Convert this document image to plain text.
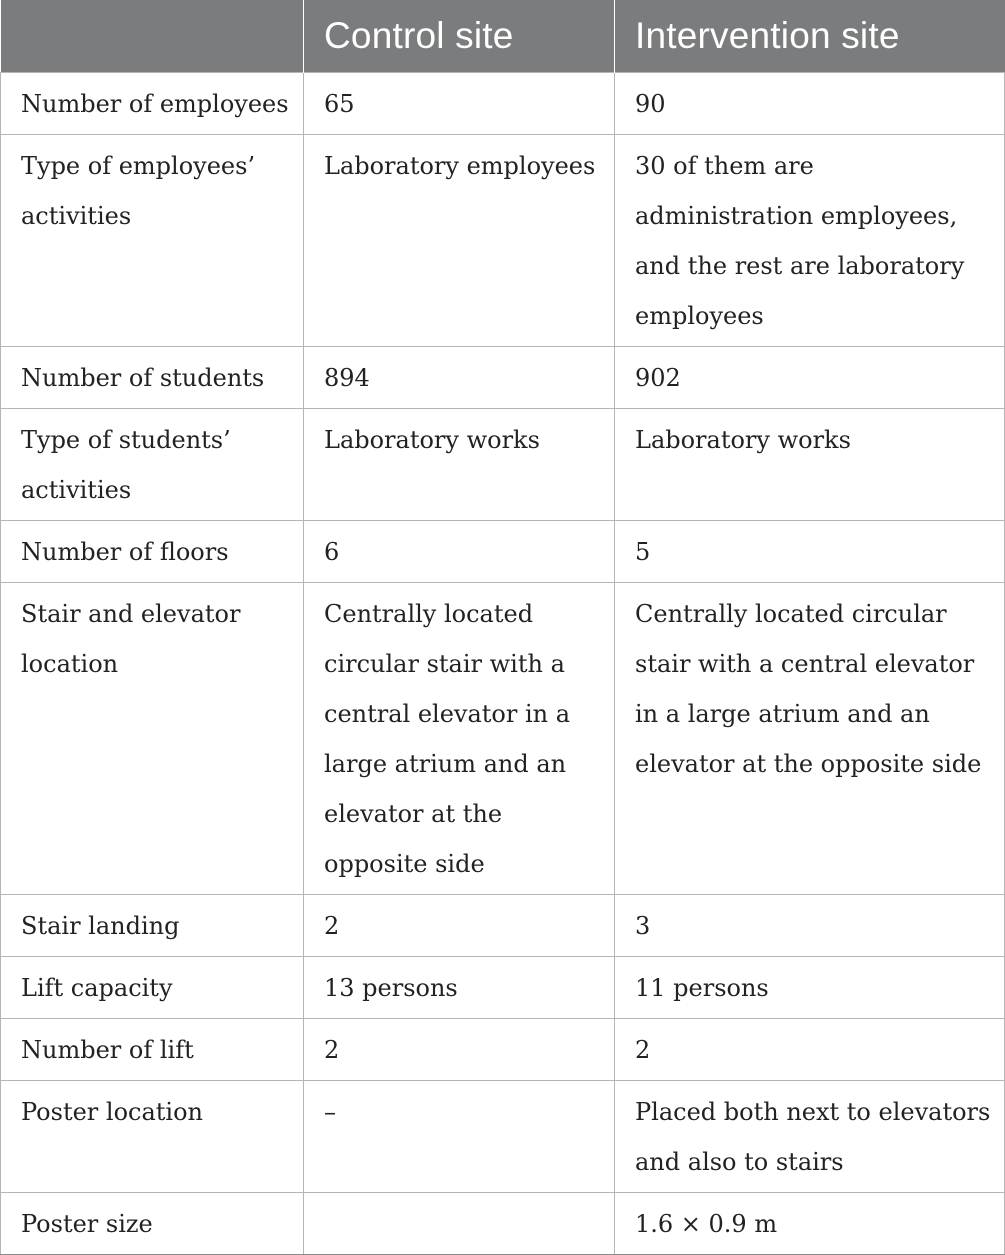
	Control site	Intervention site
Number of employees	65	90
Type of employees’ activities	Laboratory employees	30 of them are administration employees, and the rest are laboratory employees
Number of students	894	902
Type of students’ activities	Laboratory works	Laboratory works
Number of floors	6	5
Stair and elevator location	Centrally located circular stair with a central elevator in a large atrium and an elevator at the opposite side	Centrally located circular stair with a central elevator in a large atrium and an elevator at the opposite side
Stair landing	2	3
Lift capacity	13 persons	11 persons
Number of lift	2	2
Poster location	–	Placed both next to elevators and also to stairs
Poster size		1.6 × 0.9 m
